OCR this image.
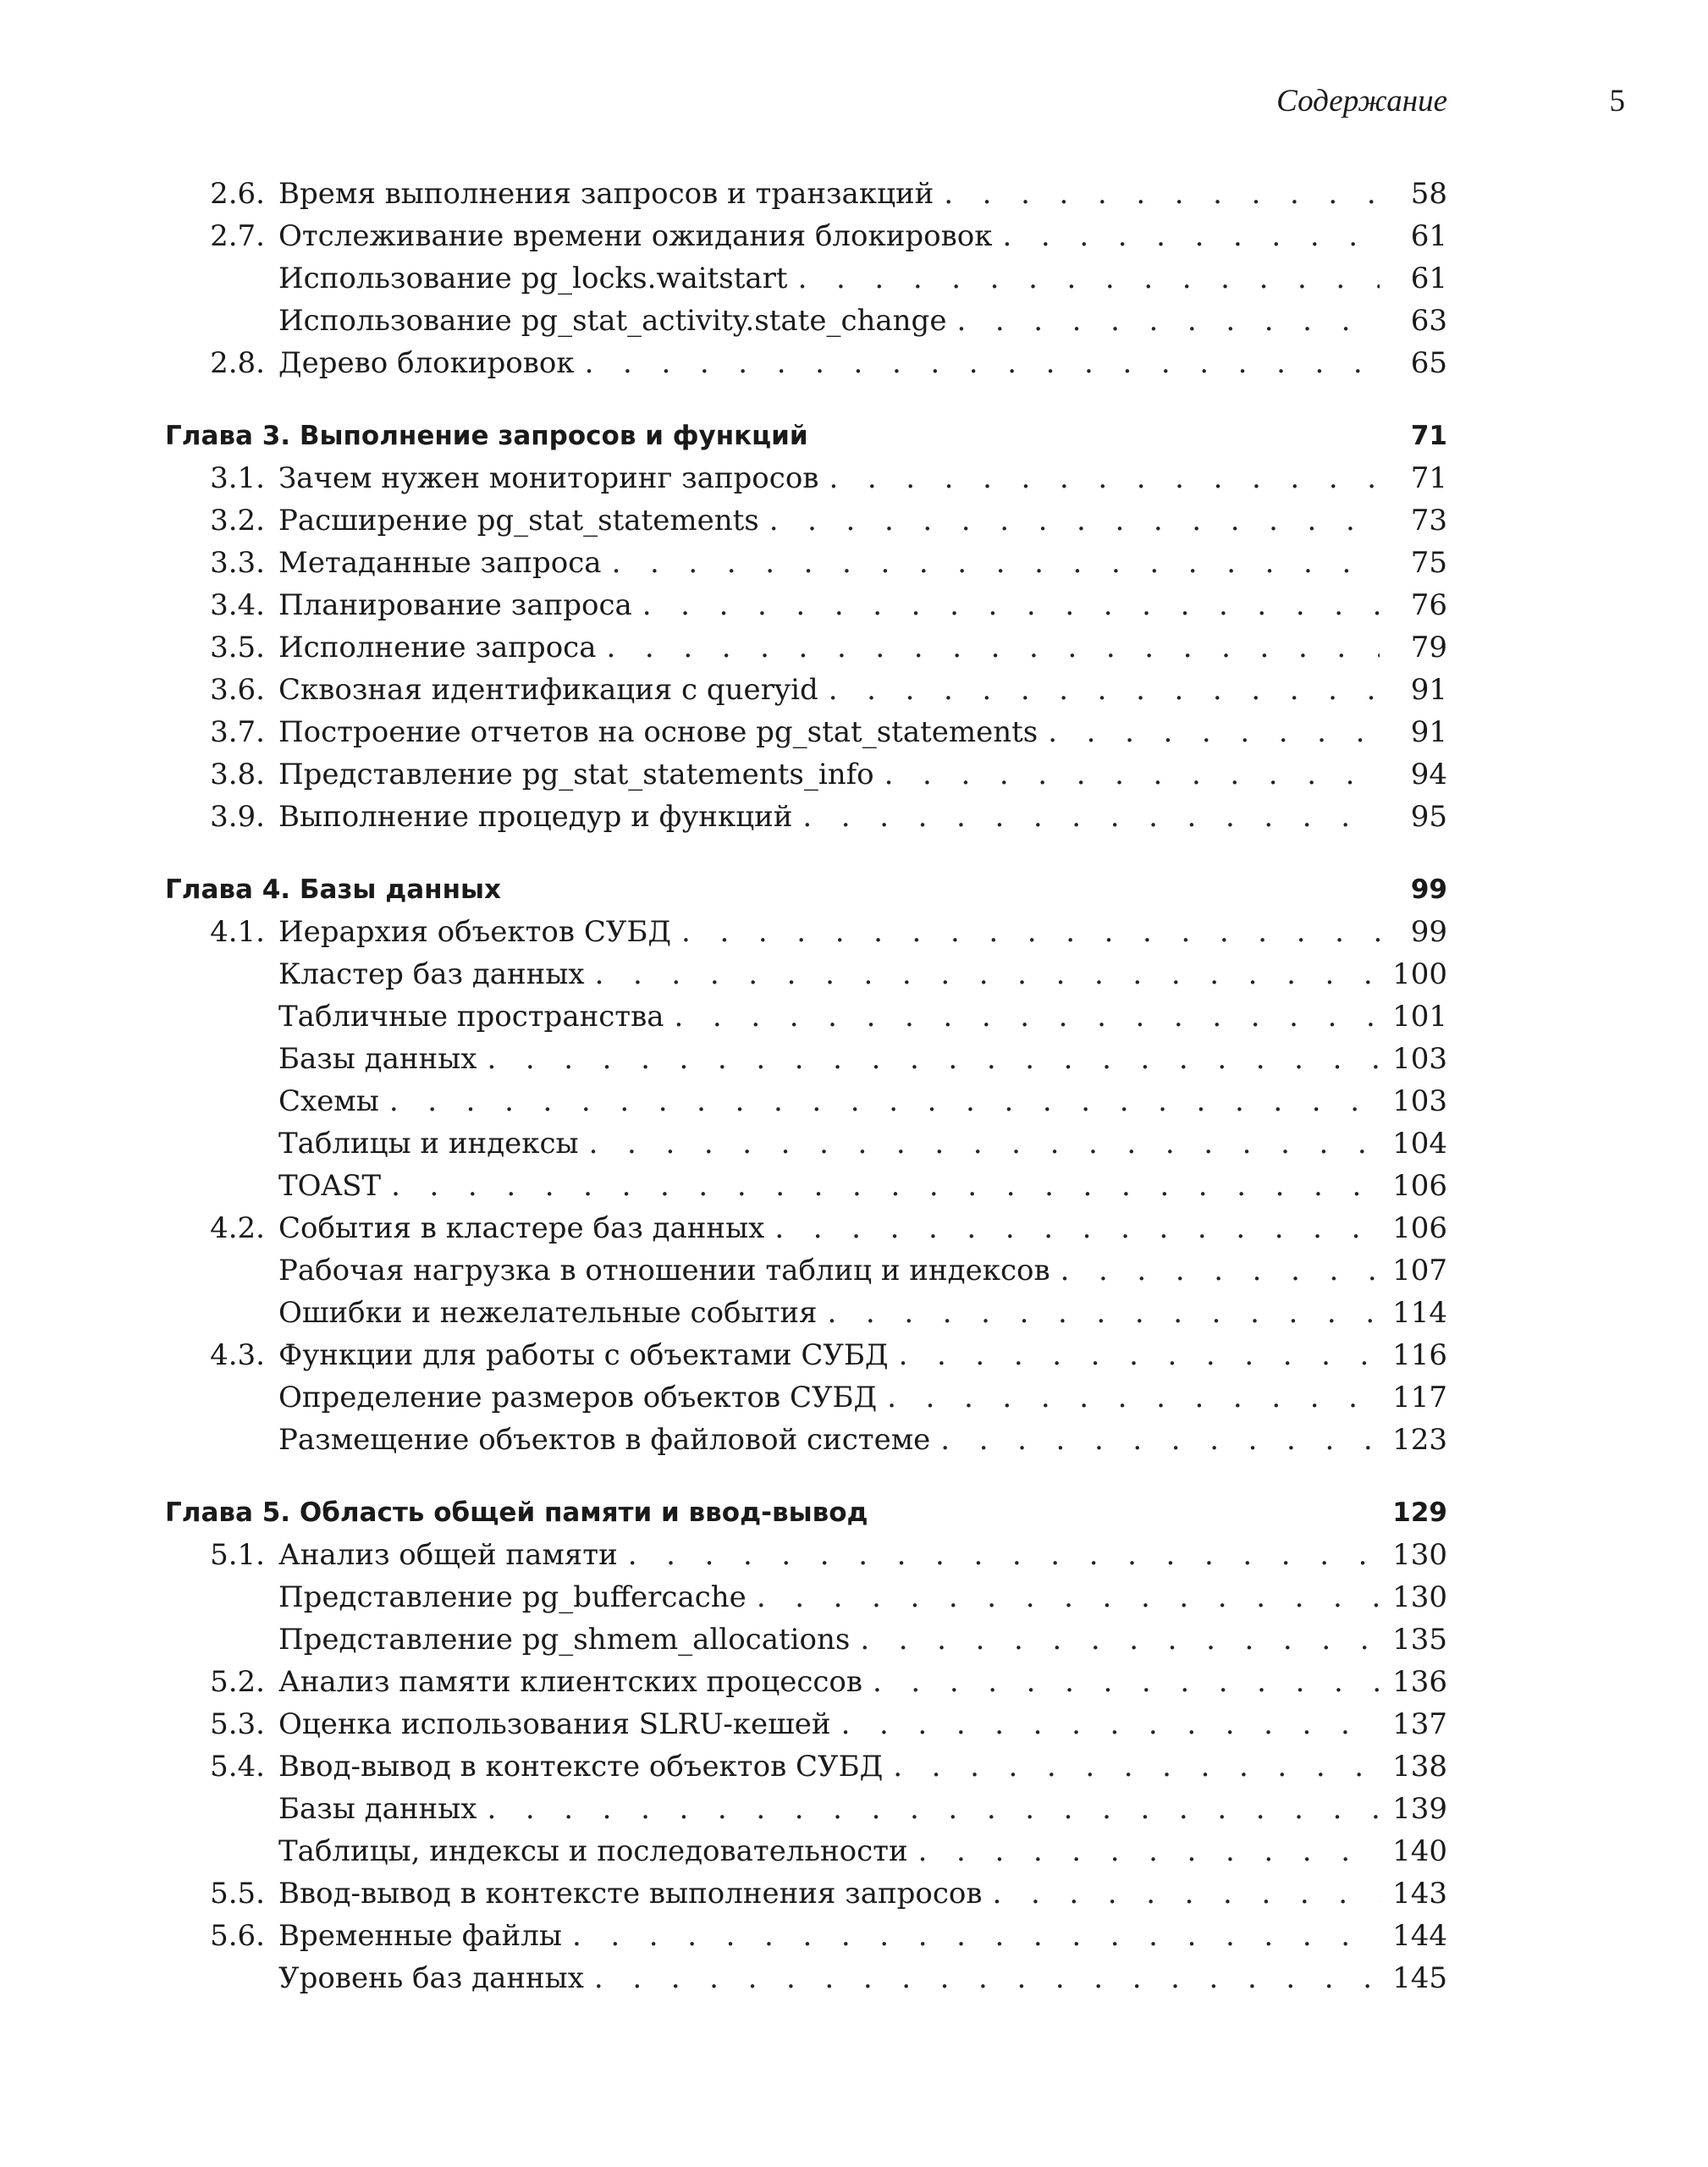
Содержание	5
2.6. Время выполнения запросов и транзакций . . .	58
2.7. Отслеживание времени ожидания блокировок . . .	61
Использование pg_locks.waitstart . . .	61
Использование pg_stat_activity.state_change . . .	63
2.8. Дерево блокировок . . .	65
Глава 3. Выполнение запросов и функций	71
3.1. Зачем нужен мониторинг запросов . . .	71
3.2. Расширение pg_stat_statements . . .	73
3.3. Метаданные запроса . . .	75
3.4. Планирование запроса . . .	76
3.5. Исполнение запроса . . .	79
3.6. Сквозная идентификация с queryid . . .	91
3.7. Построение отчетов на основе pg_stat_statements . . .	91
3.8. Представление pg_stat_statements_info . . .	94
3.9. Выполнение процедур и функций . . .	95
Глава 4. Базы данных	99
4.1. Иерархия объектов СУБД . . .	99
Кластер баз данных . . .	100
Табличные пространства . . .	101
Базы данных . . .	103
Схемы . . .	103
Таблицы и индексы . . .	104
TOAST . . .	106
4.2. События в кластере баз данных . . .	106
Рабочая нагрузка в отношении таблиц и индексов . . .	107
Ошибки и нежелательные события . . .	114
4.3. Функции для работы с объектами СУБД . . .	116
Определение размеров объектов СУБД . . .	117
Размещение объектов в файловой системе . . .	123
Глава 5. Область общей памяти и ввод-вывод	129
5.1. Анализ общей памяти . . .	130
Представление pg_buffercache . . .	130
Представление pg_shmem_allocations . . .	135
5.2. Анализ памяти клиентских процессов . . .	136
5.3. Оценка использования SLRU-кешей . . .	137
5.4. Ввод-вывод в контексте объектов СУБД . . .	138
Базы данных . . .	139
Таблицы, индексы и последовательности . . .	140
5.5. Ввод-вывод в контексте выполнения запросов . . .	143
5.6. Временные файлы . . .	144
Уровень баз данных . . .	145
